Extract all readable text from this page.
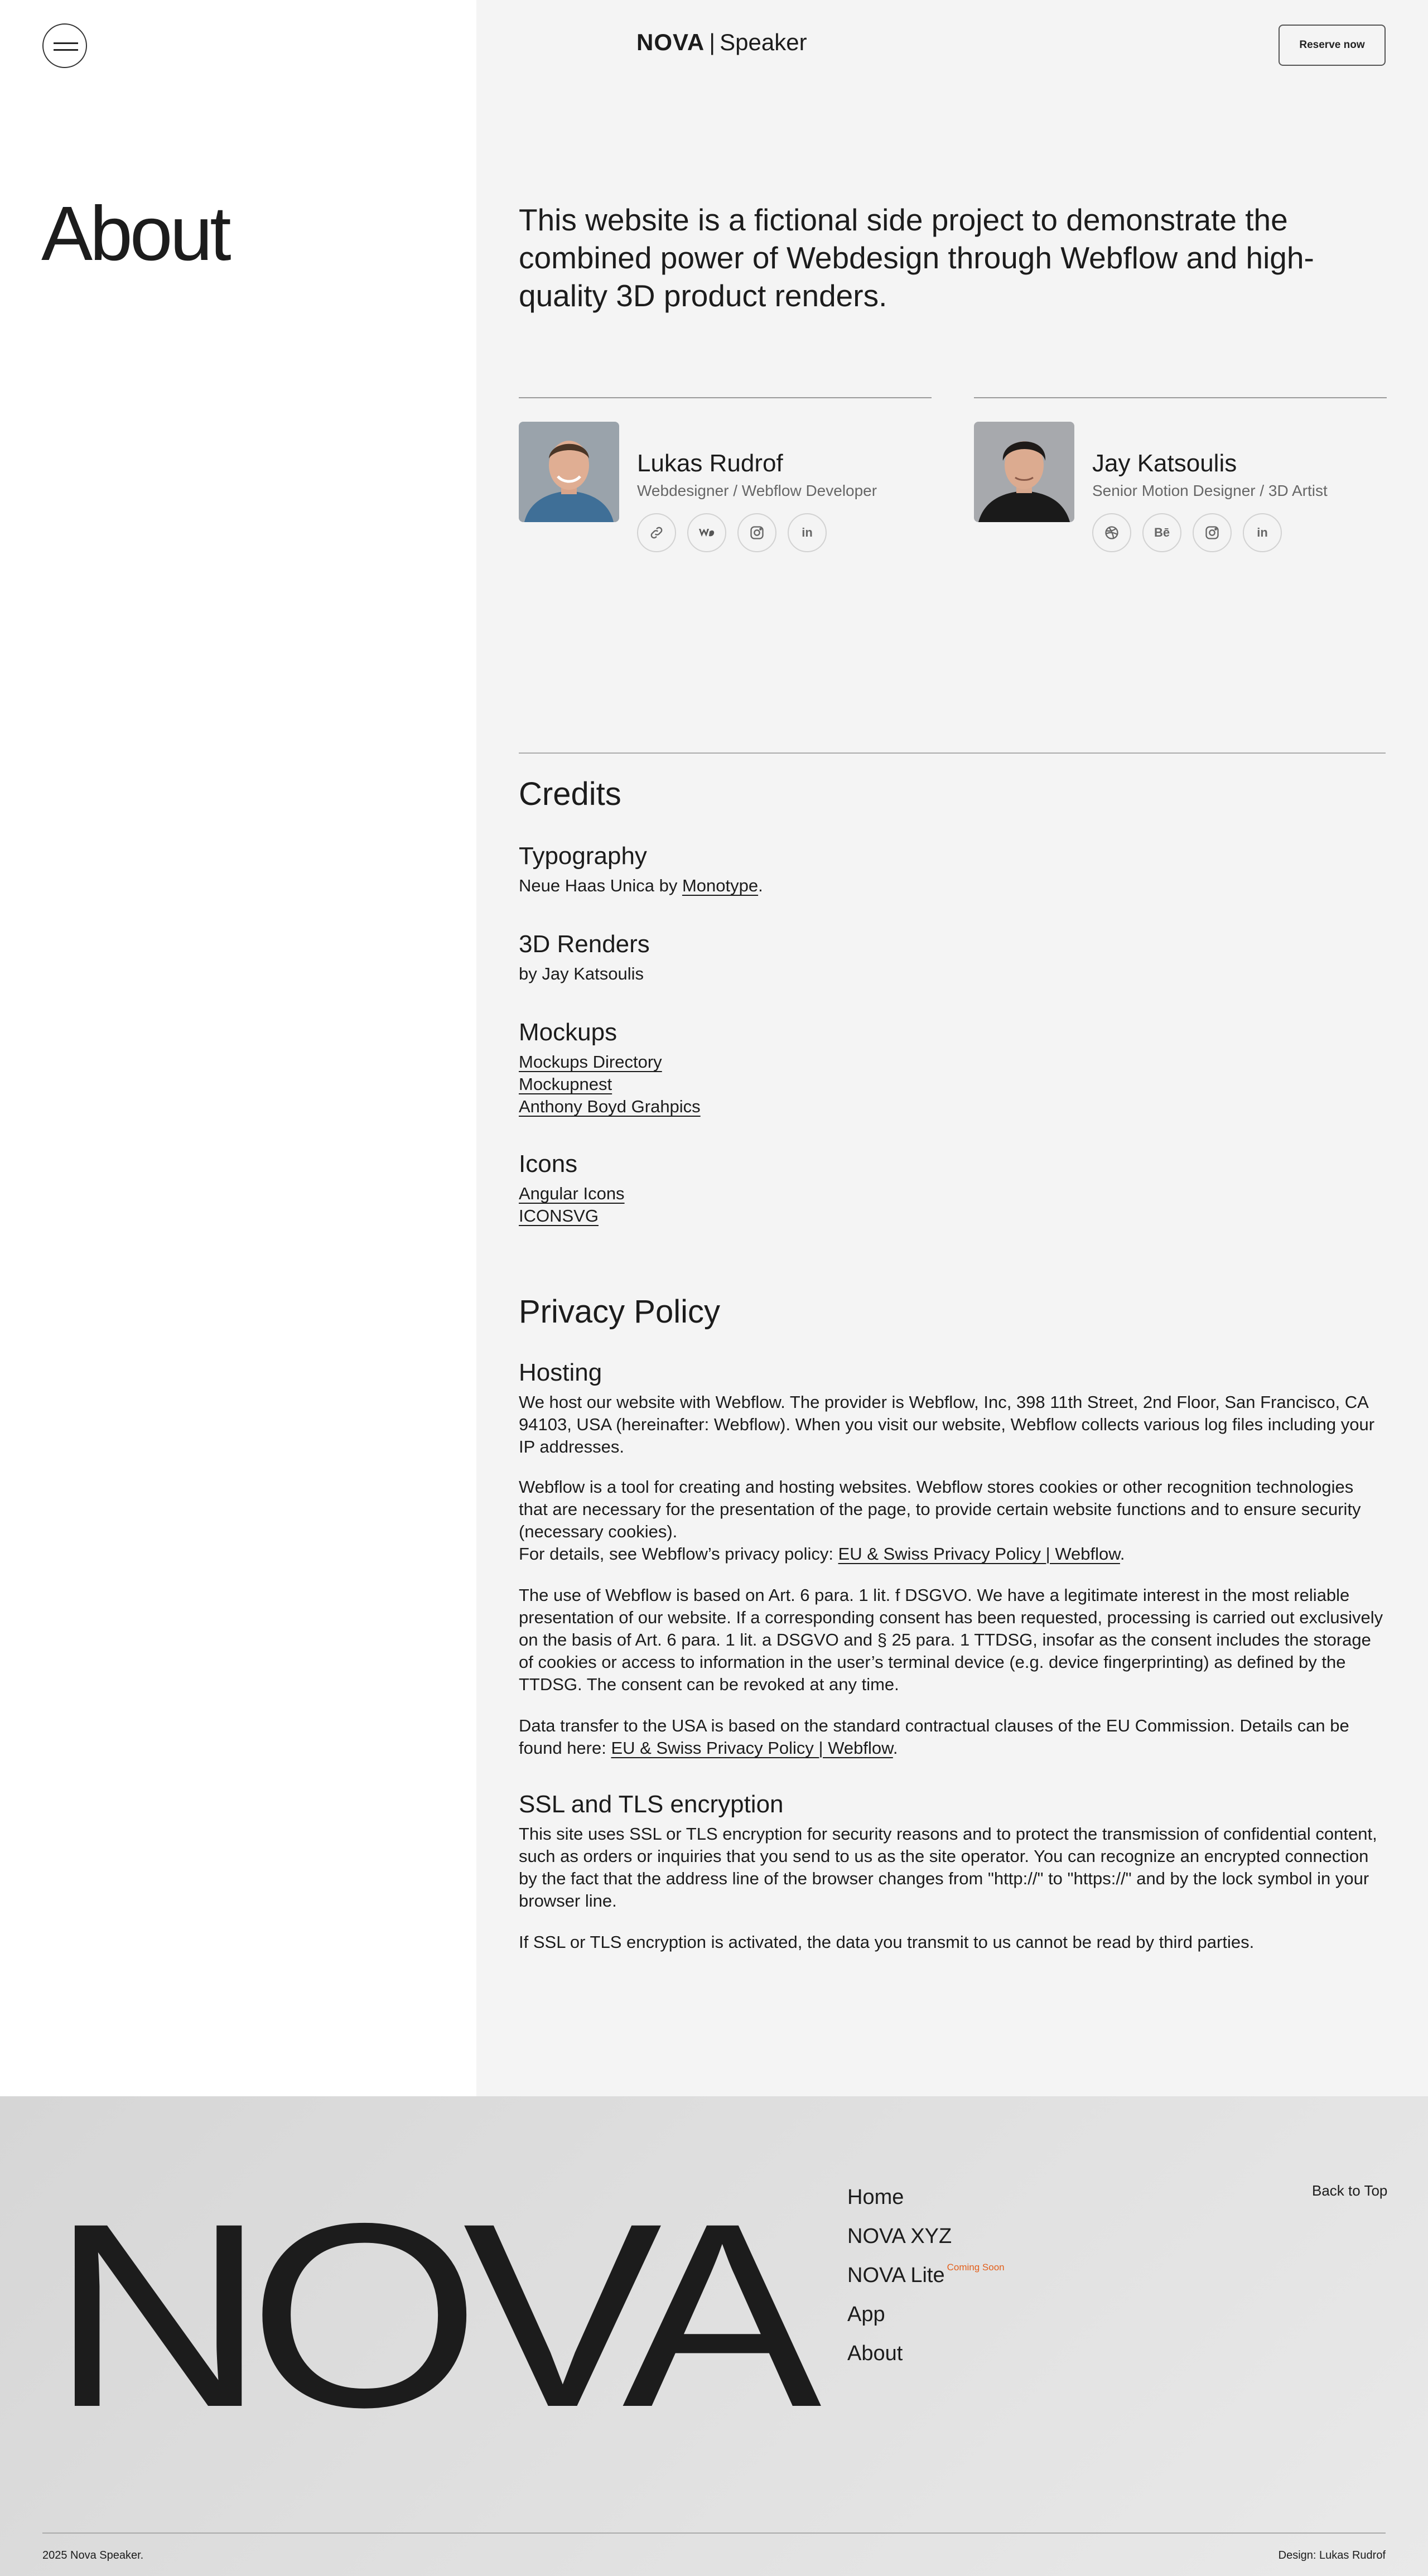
NOVA | Speaker	Reserve now
About	This website is a fictional side project to demonstrate the combined power of Webdesign through Webflow and high-quality 3D product renders.

Lukas Rudrof
Webdesigner / Webflow Developer
in
Jay Katsoulis
Senior Motion Designer / 3D Artist
Bē	in
Credits
Typography
Neue Haas Unica by Monotype.
3D Renders
by Jay Katsoulis
Mockups
Mockups Directory
Mockupnest
Anthony Boyd Grahpics
Icons
Angular Icons
ICONSVG
Privacy Policy
Hosting

We host our website with Webflow. The provider is Webflow, Inc, 398 11th Street, 2nd Floor, San Francisco, CA 94103, USA (hereinafter: Webflow). When you visit our website, Webflow collects various log files including your IP addresses.

Webflow is a tool for creating and hosting websites. Webflow stores cookies or other recognition technologies that are necessary for the presentation of the page, to provide certain website functions and to ensure security (necessary cookies).
For details, see Webflow’s privacy policy: EU & Swiss Privacy Policy | Webflow.

The use of Webflow is based on Art. 6 para. 1 lit. f DSGVO. We have a legitimate interest in the most reliable presentation of our website. If a corresponding consent has been requested, processing is carried out exclusively on the basis of Art. 6 para. 1 lit. a DSGVO and § 25 para. 1 TTDSG, insofar as the consent includes the storage of cookies or access to information in the user’s terminal device (e.g. device fingerprinting) as defined by the TTDSG. The consent can be revoked at any time.

Data transfer to the USA is based on the standard contractual clauses of the EU Commission. Details can be found here: EU & Swiss Privacy Policy | Webflow.

SSL and TLS encryption

This site uses SSL or TLS encryption for security reasons and to protect the transmission of confidential content, such as orders or inquiries that you send to us as the site operator. You can recognize an encrypted connection by the fact that the address line of the browser changes from "http://" to "https://" and by the lock symbol in your browser line.

If SSL or TLS encryption is activated, the data you transmit to us cannot be read by third parties.

NOVA Home
NOVA XYZ
NOVA Lite Coming Soon
App
About
Back to Top
2025 Nova Speaker.	Design: Lukas Rudrof
